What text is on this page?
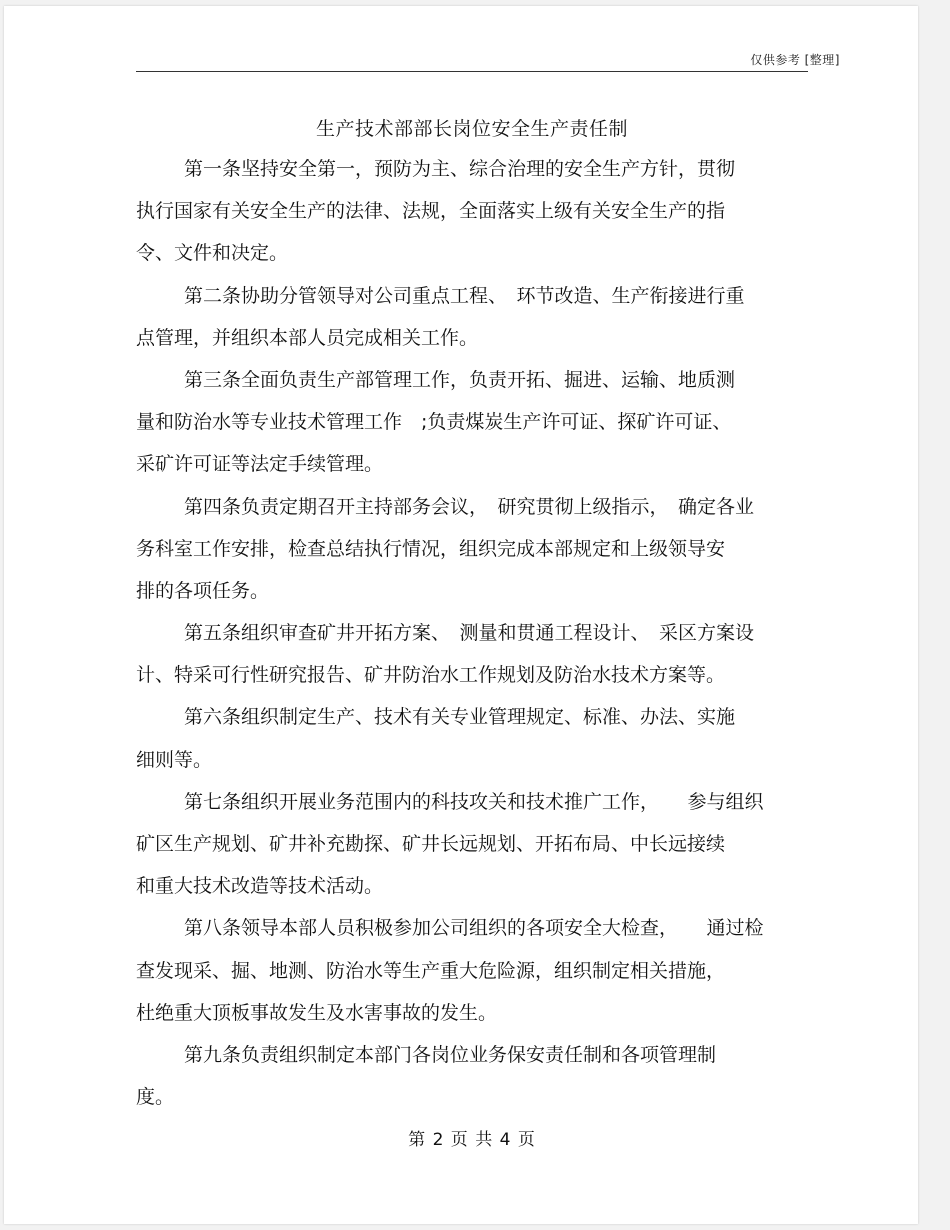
仅供参考 [整理]
生产技术部部长岗位安全生产责任制
第一条坚持安全第一，预防为主、综合治理的安全生产方针，贯彻
执行国家有关安全生产的法律、法规，全面落实上级有关安全生产的指
令、文件和决定。
第二条协助分管领导对公司重点工程、　环节改造、生产衔接进行重
点管理，并组织本部人员完成相关工作。
第三条全面负责生产部管理工作，负责开拓、掘进、运输、地质测
量和防治水等专业技术管理工作　;负责煤炭生产许可证、探矿许可证、
采矿许可证等法定手续管理。
第四条负责定期召开主持部务会议，　研究贯彻上级指示，　确定各业
务科室工作安排，检查总结执行情况，组织完成本部规定和上级领导安
排的各项任务。
第五条组织审查矿井开拓方案、　测量和贯通工程设计、　采区方案设
计、特采可行性研究报告、矿井防治水工作规划及防治水技术方案等。
第六条组织制定生产、技术有关专业管理规定、标准、办法、实施
细则等。
第七条组织开展业务范围内的科技攻关和技术推广工作，　　参与组织
矿区生产规划、矿井补充勘探、矿井长远规划、开拓布局、中长远接续
和重大技术改造等技术活动。
第八条领导本部人员积极参加公司组织的各项安全大检查，　　通过检
查发现采、掘、地测、防治水等生产重大危险源，组织制定相关措施，
杜绝重大顶板事故发生及水害事故的发生。
第九条负责组织制定本部门各岗位业务保安责任制和各项管理制
度。
第 2 页 共 4 页
